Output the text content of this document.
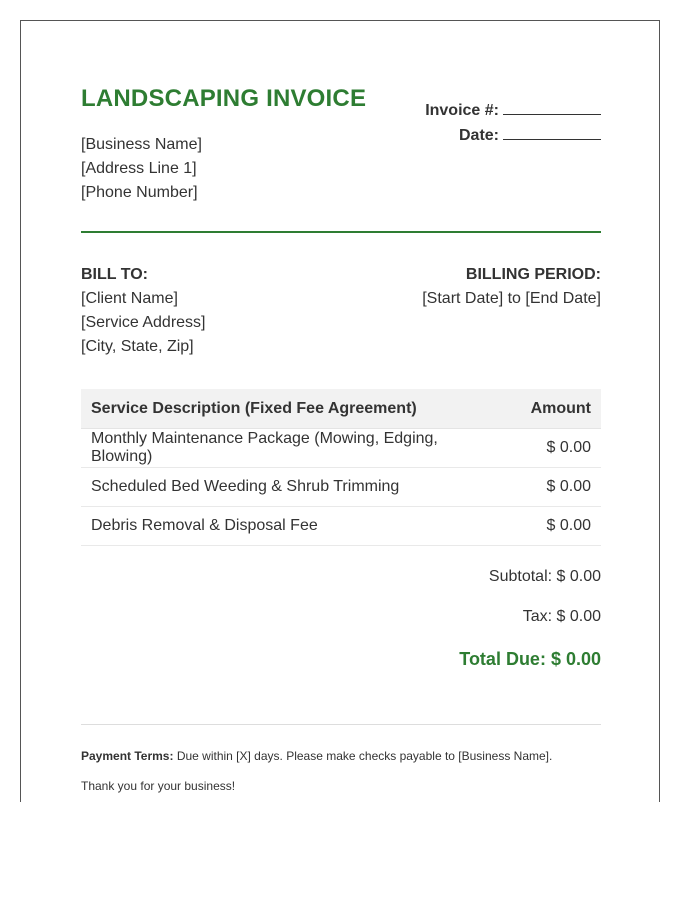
LANDSCAPING INVOICE
[Business Name]
[Address Line 1]
[Phone Number]
Invoice #:
Date:
BILL TO:
[Client Name]
[Service Address]
[City, State, Zip]
BILLING PERIOD:
[Start Date] to [End Date]
Service Description (Fixed Fee Agreement)	Amount
Monthly Maintenance Package (Mowing, Edging, Blowing)	$ 0.00
Scheduled Bed Weeding & Shrub Trimming	$ 0.00
Debris Removal & Disposal Fee	$ 0.00
Subtotal: $ 0.00
Tax: $ 0.00
Total Due: $ 0.00
Payment Terms: Due within [X] days. Please make checks payable to [Business Name].
Thank you for your business!
